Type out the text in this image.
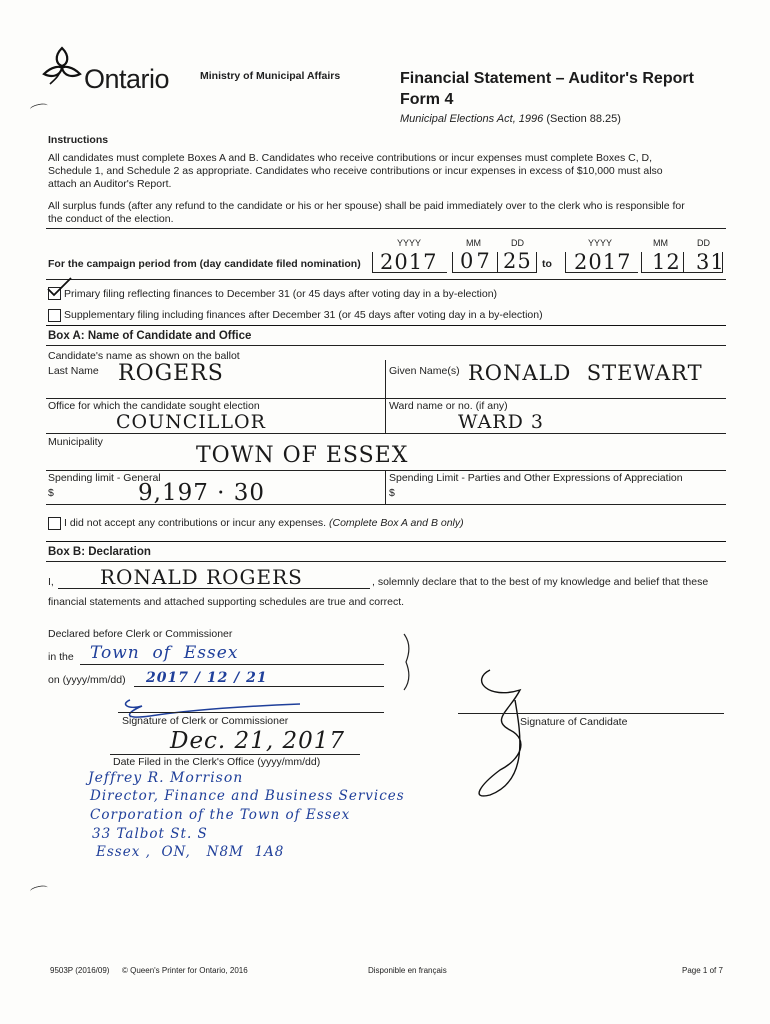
Ontario	Ministry of Municipal Affairs	Financial Statement – Auditor's Report
Form 4
Municipal Elections Act, 1996 (Section 88.25)
Instructions
All candidates must complete Boxes A and B. Candidates who receive contributions or incur expenses must complete Boxes C, D,
Schedule 1, and Schedule 2 as appropriate. Candidates who receive contributions or incur expenses in excess of $10,000 must also
attach an Auditor's Report.
All surplus funds (after any refund to the candidate or his or her spouse) shall be paid immediately over to the clerk who is responsible for
the conduct of the election.
YYYY	MM	DD	YYYY	MM	DD
For the campaign period from (day candidate filed nomination) 2017 07 25 to 2017 12 31
Primary filing reflecting finances to December 31 (or 45 days after voting day in a by-election)
Supplementary filing including finances after December 31 (or 45 days after voting day in a by-election)
Box A: Name of Candidate and Office
Candidate's name as shown on the ballot
Last Name ROGERS	Given Name(s) RONALD  STEWART
Office for which the candidate sought election
COUNCILLOR
Ward name or no. (if any)
WARD 3
Municipality
TOWN OF ESSEX
Spending limit - General
$	9,197 · 30
Spending Limit - Parties and Other Expressions of Appreciation
$
I did not accept any contributions or incur any expenses. (Complete Box A and B only)
Box B: Declaration
I, RONALD ROGERS	, solemnly declare that to the best of my knowledge and belief that these
financial statements and attached supporting schedules are true and correct.
Declared before Clerk or Commissioner
in the Town  of  Essex
on (yyyy/mm/dd) 2017 / 12 / 21
Signature of Clerk or Commissioner	Signature of Candidate
Dec. 21, 2017
Date Filed in the Clerk's Office (yyyy/mm/dd)
Jeffrey R. Morrison
Director, Finance and Business Services
Corporation of the Town of Essex
33 Talbot St. S
Essex ,  ON,   N8M  1A8
9503P (2016/09) © Queen's Printer for Ontario, 2016	Disponible en français	Page 1 of 7
